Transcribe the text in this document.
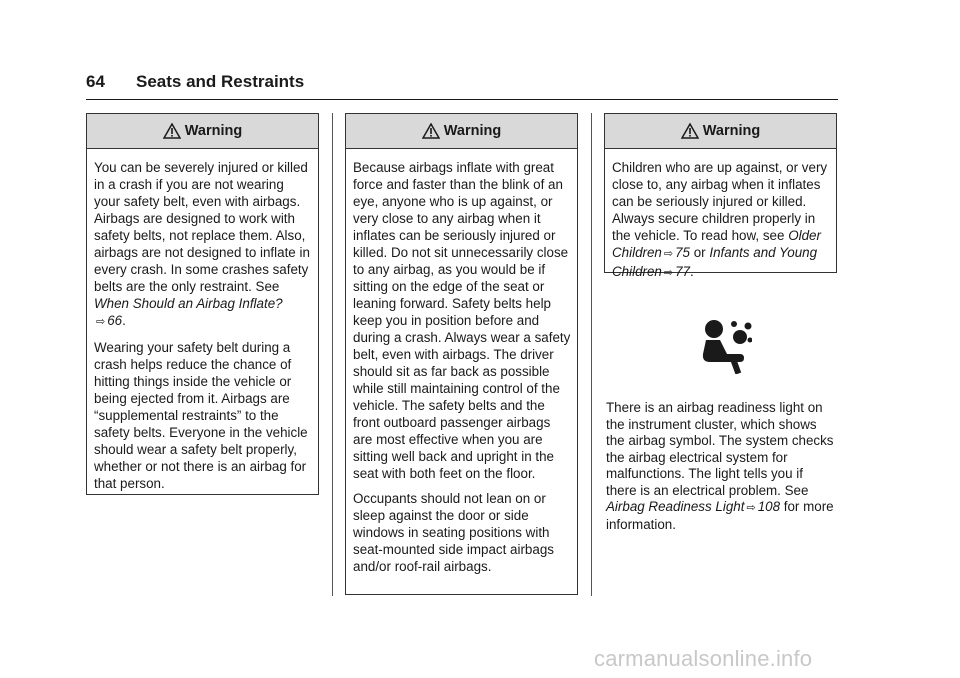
64 Seats and Restraints
Warning

You can be severely injured or killed in a crash if you are not wearing your safety belt, even with airbags. Airbags are designed to work with safety belts, not replace them. Also, airbags are not designed to inflate in every crash. In some crashes safety belts are the only restraint. See When Should an Airbag Inflate?⇨ 66.

Wearing your safety belt during a crash helps reduce the chance of hitting things inside the vehicle or being ejected from it. Airbags are “supplemental restraints” to the safety belts. Everyone in the vehicle should wear a safety belt properly, whether or not there is an airbag for that person.

Warning

Because airbags inflate with great force and faster than the blink of an eye, anyone who is up against, or very close to any airbag when it inflates can be seriously injured or killed. Do not sit unnecessarily close to any airbag, as you would be if sitting on the edge of the seat or leaning forward. Safety belts help keep you in position before and during a crash. Always wear a safety belt, even with airbags. The driver should sit as far back as possible while still maintaining control of the vehicle. The safety belts and the front outboard passenger airbags are most effective when you are sitting well back and upright in the seat with both feet on the floor.

Occupants should not lean on or sleep against the door or side windows in seating positions with seat-mounted side impact airbags and/or roof-rail airbags.

Warning

Children who are up against, or very close to, any airbag when it inflates can be seriously injured or killed. Always secure children properly in the vehicle. To read how, see Older Children ⇨ 75 or Infants and Young Children ⇨ 77.

There is an airbag readiness light on the instrument cluster, which shows the airbag symbol. The system checks the airbag electrical system for malfunctions. The light tells you if there is an electrical problem. See Airbag Readiness Light ⇨ 108 for more information.
carmanualsonline.info
